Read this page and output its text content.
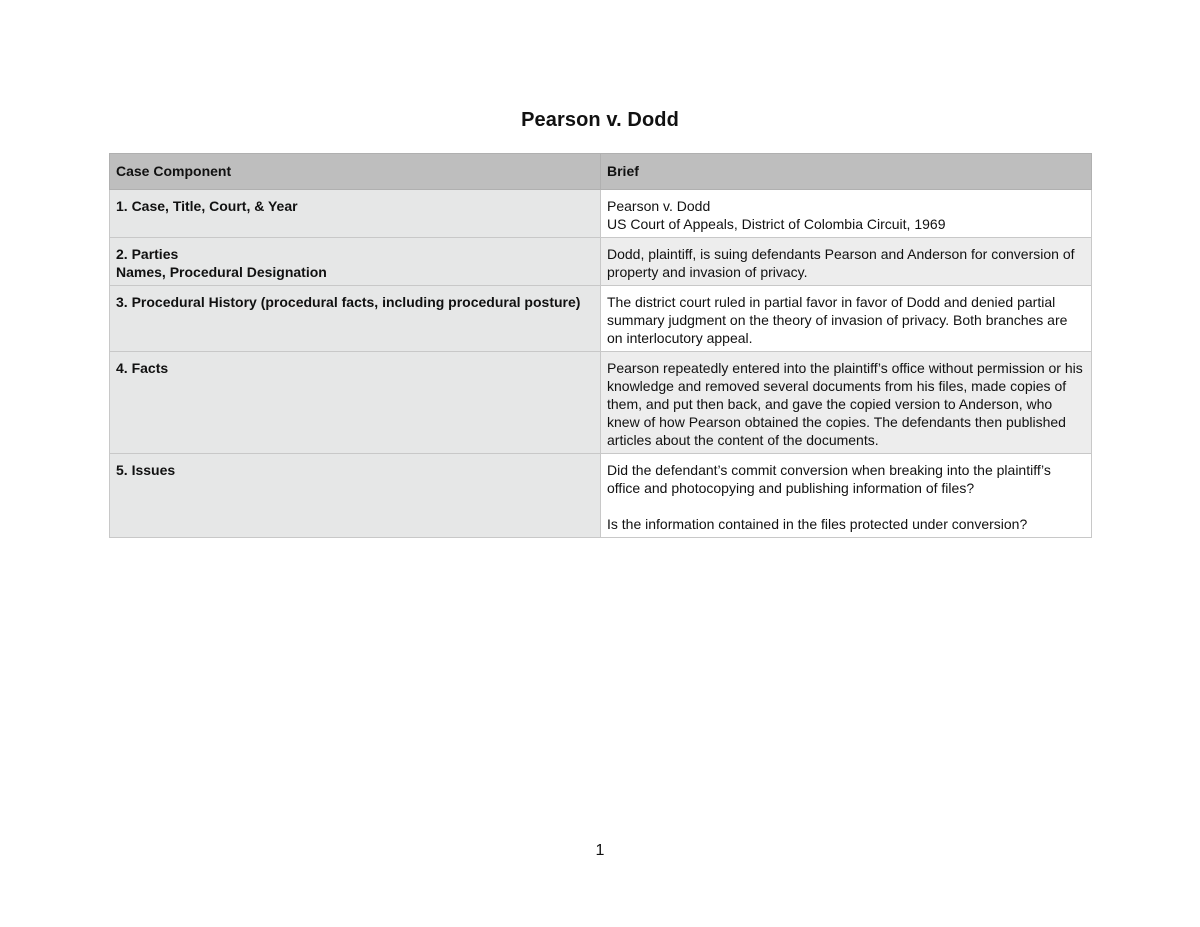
Pearson v. Dodd
Case Component	Brief

1. Case, Title, Court, & Year	Pearson v. Dodd
US Court of Appeals, District of Colombia Circuit, 1969

2. Parties
Names, Procedural Designation	Dodd, plaintiff, is suing defendants Pearson and Anderson for conversion of property and invasion of privacy.

3. Procedural History (procedural facts, including procedural posture)	The district court ruled in partial favor in favor of Dodd and denied partial summary judgment on the theory of invasion of privacy. Both branches are on interlocutory appeal.

4. Facts	Pearson repeatedly entered into the plaintiff’s office without permission or his knowledge and removed several documents from his files, made copies of them, and put then back, and gave the copied version to Anderson, who knew of how Pearson obtained the copies. The defendants then published articles about the content of the documents.

5. Issues	Did the defendant’s commit conversion when breaking into the plaintiff’s office and photocopying and publishing information of files?
Is the information contained in the files protected under conversion?
1
